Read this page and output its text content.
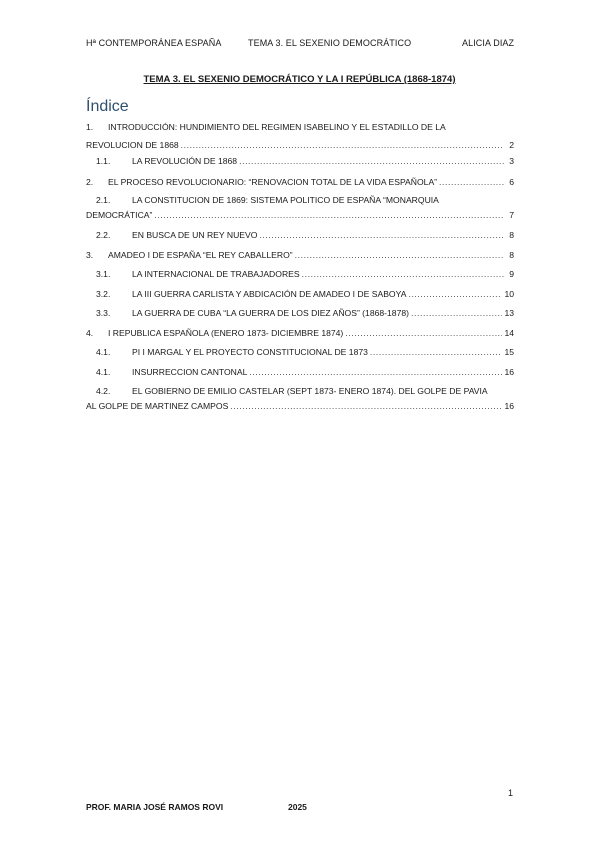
Hª CONTEMPORÁNEA ESPAÑA	TEMA 3. EL SEXENIO DEMOCRÁTICO	ALICIA DIAZ
TEMA 3. EL SEXENIO DEMOCRÁTICO Y LA I REPÚBLICA (1868-1874)
Índice
1.	INTRODUCCIÓN: HUNDIMIENTO DEL REGIMEN ISABELINO Y EL ESTADILLO DE LA
REVOLUCION DE 1868 .....	2
1.1.	LA REVOLUCIÓN DE 1868 .....	3
2.	EL PROCESO REVOLUCIONARIO: “RENOVACION TOTAL DE LA VIDA ESPAÑOLA” .....	6
2.1.	LA CONSTITUCION DE 1869: SISTEMA POLITICO DE ESPAÑA “MONARQUIA
DEMOCRÁTICA” .....	7
2.2.	EN BUSCA DE UN REY NUEVO .....	8
3.	AMADEO I DE ESPAÑA “EL REY CABALLERO” .....	8
3.1.	LA INTERNACIONAL DE TRABAJADORES .....	9
3.2.	LA III GUERRA CARLISTA Y ABDICACIÓN DE AMADEO I DE SABOYA .....	10
3.3.	LA GUERRA DE CUBA “LA GUERRA DE LOS DIEZ AÑOS” (1868-1878) .....	13
4.	I REPUBLICA ESPAÑOLA (ENERO 1873- DICIEMBRE 1874) .....	14
4.1.	PI I MARGAL Y EL PROYECTO CONSTITUCIONAL DE 1873 .....	15
4.1.	INSURRECCION CANTONAL .....	16
4.2.	EL GOBIERNO DE EMILIO CASTELAR (SEPT 1873- ENERO 1874). DEL GOLPE DE PAVIA
AL GOLPE DE MARTINEZ CAMPOS .....	16
1
PROF. MARIA JOSÉ RAMOS ROVI	2025
